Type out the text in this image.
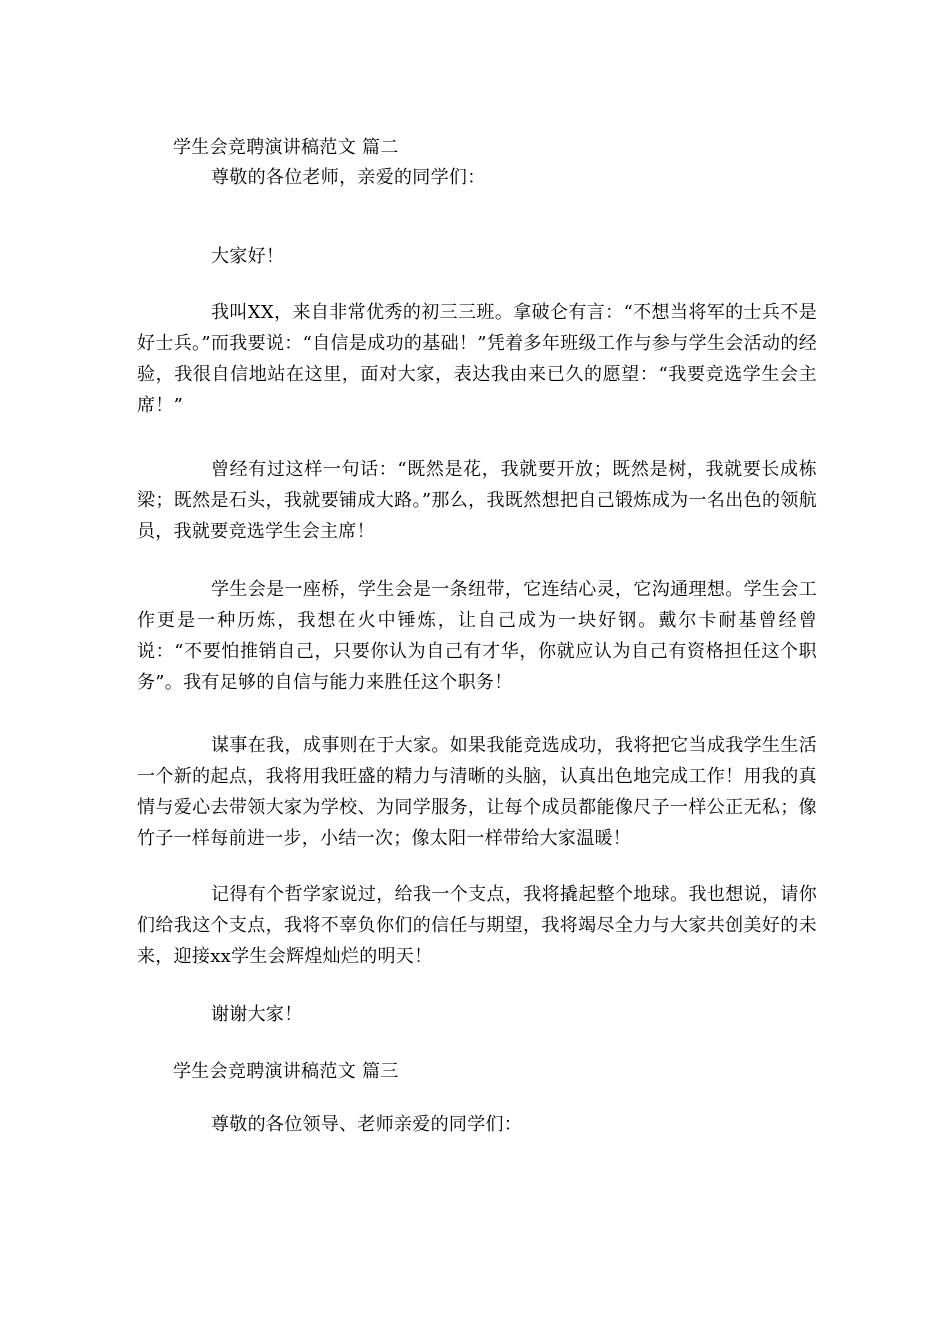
学生会竞聘演讲稿范文 篇二
尊敬的各位老师，亲爱的同学们：
大家好！

我叫XX，来自非常优秀的初三三班。拿破仑有言：“不想当将军的士兵不是好士兵。”而我要说：“自信是成功的基础！”凭着多年班级工作与参与学生会活动的经验，我很自信地站在这里，面对大家，表达我由来已久的愿望：“我要竞选学生会主席！”

曾经有过这样一句话：“既然是花，我就要开放；既然是树，我就要长成栋梁；既然是石头，我就要铺成大路。”那么，我既然想把自己锻炼成为一名出色的领航员，我就要竞选学生会主席！

学生会是一座桥，学生会是一条纽带，它连结心灵，它沟通理想。学生会工作更是一种历炼，我想在火中锤炼，让自己成为一块好钢。戴尔卡耐基曾经曾说：“不要怕推销自己，只要你认为自己有才华，你就应认为自己有资格担任这个职务”。我有足够的自信与能力来胜任这个职务！

谋事在我，成事则在于大家。如果我能竞选成功，我将把它当成我学生生活一个新的起点，我将用我旺盛的精力与清晰的头脑，认真出色地完成工作！用我的真情与爱心去带领大家为学校、为同学服务，让每个成员都能像尺子一样公正无私；像竹子一样每前进一步，小结一次；像太阳一样带给大家温暖！

记得有个哲学家说过，给我一个支点，我将撬起整个地球。我也想说，请你们给我这个支点，我将不辜负你们的信任与期望，我将竭尽全力与大家共创美好的未来，迎接xx学生会辉煌灿烂的明天！

谢谢大家！
学生会竞聘演讲稿范文 篇三
尊敬的各位领导、老师亲爱的同学们：
